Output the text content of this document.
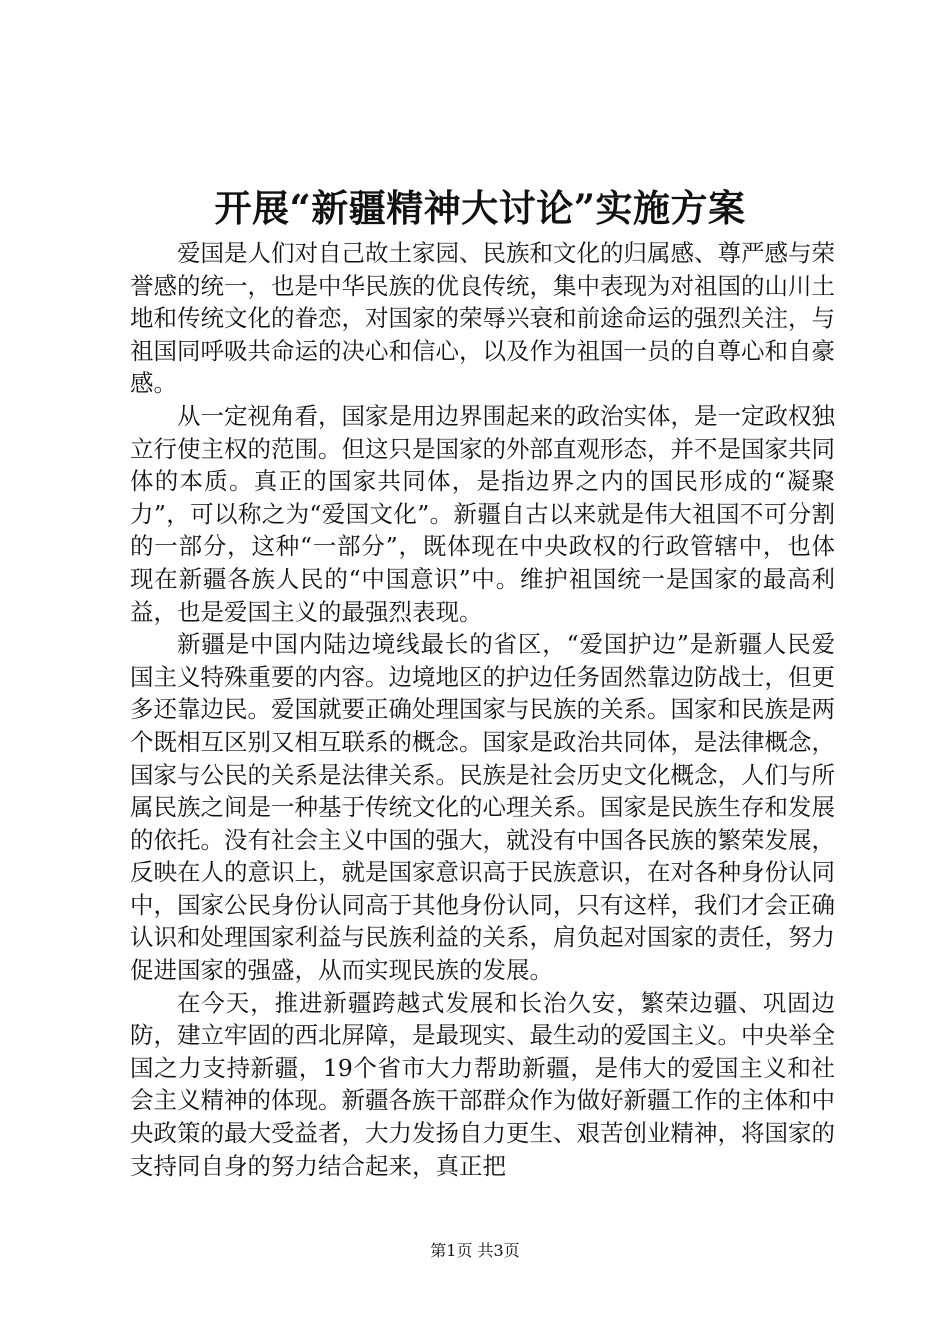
开展“新疆精神大讨论”实施方案

爱国是人们对自己故土家园、民族和文化的归属感、尊严感与荣誉感的统一，也是中华民族的优良传统，集中表现为对祖国的山川土地和传统文化的眷恋，对国家的荣辱兴衰和前途命运的强烈关注，与祖国同呼吸共命运的决心和信心，以及作为祖国一员的自尊心和自豪感。

从一定视角看，国家是用边界围起来的政治实体，是一定政权独立行使主权的范围。但这只是国家的外部直观形态，并不是国家共同体的本质。真正的国家共同体，是指边界之内的国民形成的“凝聚力”，可以称之为“爱国文化”。新疆自古以来就是伟大祖国不可分割的一部分，这种“一部分”，既体现在中央政权的行政管辖中，也体现在新疆各族人民的“中国意识”中。维护祖国统一是国家的最高利益，也是爱国主义的最强烈表现。

新疆是中国内陆边境线最长的省区，“爱国护边”是新疆人民爱国主义特殊重要的内容。边境地区的护边任务固然靠边防战士，但更多还靠边民。爱国就要正确处理国家与民族的关系。国家和民族是两个既相互区别又相互联系的概念。国家是政治共同体，是法律概念，国家与公民的关系是法律关系。民族是社会历史文化概念，人们与所属民族之间是一种基于传统文化的心理关系。国家是民族生存和发展的依托。没有社会主义中国的强大，就没有中国各民族的繁荣发展，反映在人的意识上，就是国家意识高于民族意识，在对各种身份认同中，国家公民身份认同高于其他身份认同，只有这样，我们才会正确认识和处理国家利益与民族利益的关系，肩负起对国家的责任，努力促进国家的强盛，从而实现民族的发展。

在今天，推进新疆跨越式发展和长治久安，繁荣边疆、巩固边防，建立牢固的西北屏障，是最现实、最生动的爱国主义。中央举全国之力支持新疆，19个省市大力帮助新疆，是伟大的爱国主义和社会主义精神的体现。新疆各族干部群众作为做好新疆工作的主体和中央政策的最大受益者，大力发扬自力更生、艰苦创业精神，将国家的支持同自身的努力结合起来，真正把

第1页 共3页
